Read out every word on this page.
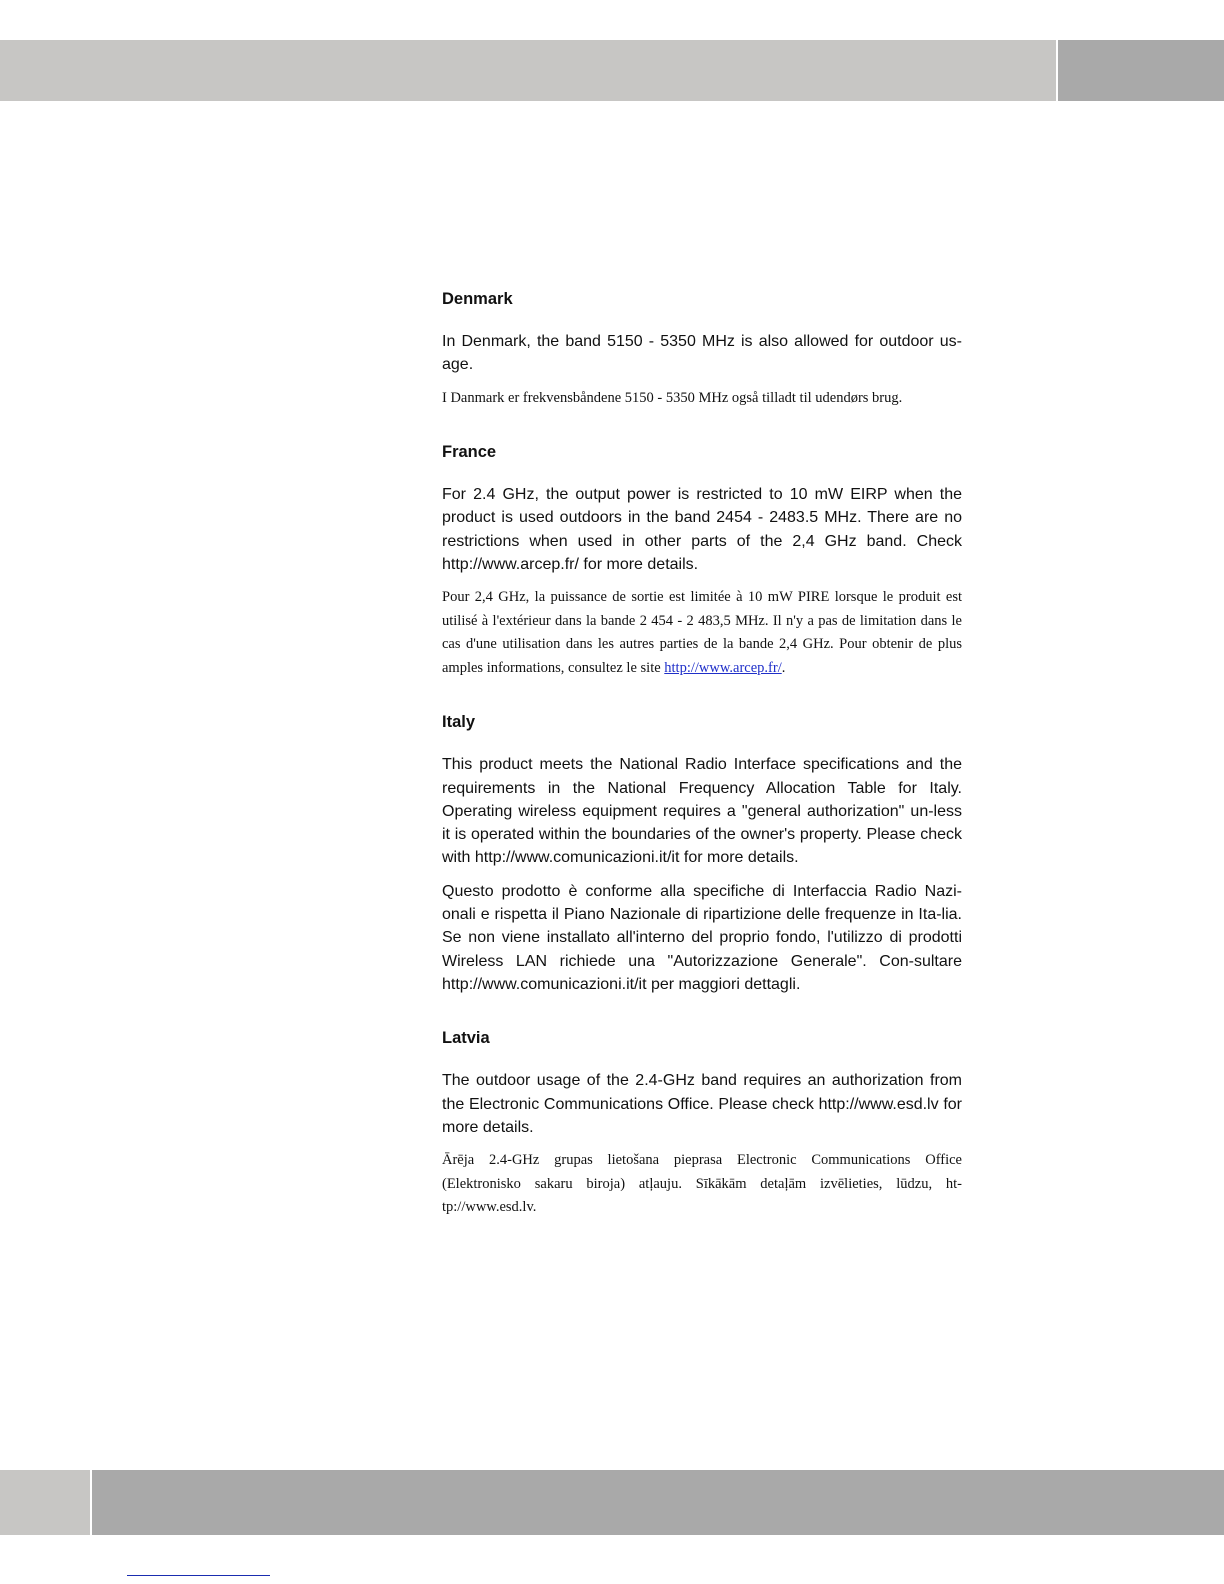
Denmark

In Denmark, the band 5150 - 5350 MHz is also allowed for outdoor us-age.

I Danmark er frekvensbåndene 5150 - 5350 MHz også tilladt til udendørs brug.

France

For 2.4 GHz, the output power is restricted to 10 mW EIRP when the product is used outdoors in the band 2454 - 2483.5 MHz. There are no restrictions when used in other parts of the 2,4 GHz band. Check http://www.arcep.fr/ for more details.

Pour 2,4 GHz, la puissance de sortie est limitée à 10 mW PIRE lorsque le produit est utilisé à l'extérieur dans la bande 2 454 - 2 483,5 MHz. Il n'y a pas de limitation dans le cas d'une utilisation dans les autres parties de la bande 2,4 GHz. Pour obtenir de plus amples informations, consultez le site http://www.arcep.fr/.

Italy

This product meets the National Radio Interface specifications and the requirements in the National Frequency Allocation Table for Italy. Operating wireless equipment requires a "general authorization" un-less it is operated within the boundaries of the owner's property. Please check with http://www.comunicazioni.it/it for more details.

Questo prodotto è conforme alla specifiche di Interfaccia Radio Nazi-onali e rispetta il Piano Nazionale di ripartizione delle frequenze in Ita-lia. Se non viene installato all'interno del proprio fondo, l'utilizzo di prodotti Wireless LAN richiede una "Autorizzazione Generale". Con-sultare http://www.comunicazioni.it/it per maggiori dettagli.

Latvia

The outdoor usage of the 2.4-GHz band requires an authorization from the Electronic Communications Office. Please check http://www.esd.lv for more details.

Ārēja 2.4-GHz grupas lietošana pieprasa Electronic Communications Office (Elektronisko sakaru biroja) atļauju. Sīkākām detaļām izvēlieties, lūdzu, ht-tp://www.esd.lv.
